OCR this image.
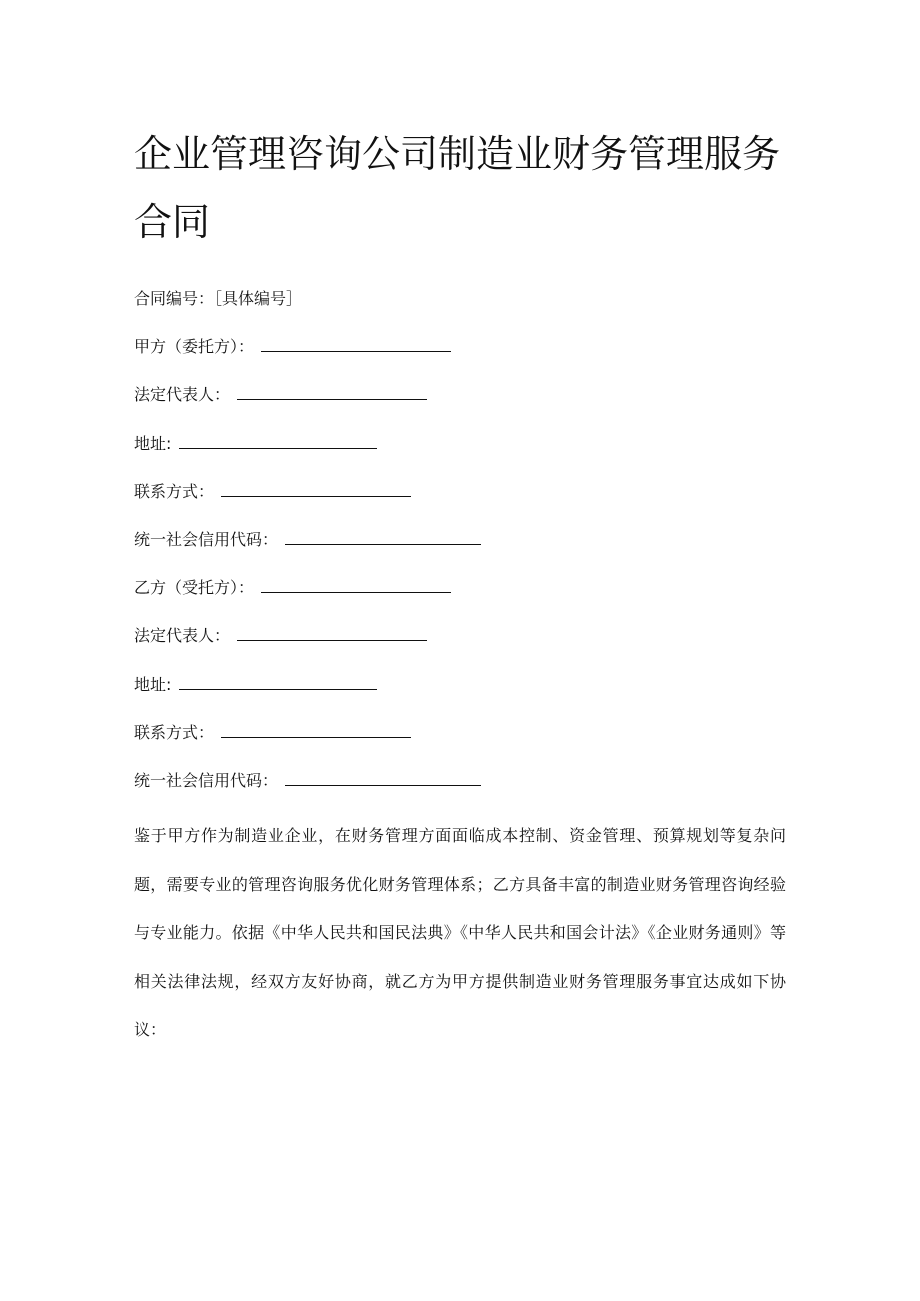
企业管理咨询公司制造业财务管理服务合同
合同编号：［具体编号］
甲方（委托方）：
法定代表人：
地址:
联系方式：
统一社会信用代码：
乙方（受托方）：
法定代表人：
地址:
联系方式：
统一社会信用代码：

鉴于甲方作为制造业企业，在财务管理方面面临成本控制、资金管理、预算规划等复杂问题，需要专业的管理咨询服务优化财务管理体系；乙方具备丰富的制造业财务管理咨询经验与专业能力。依据《中华人民共和国民法典》《中华人民共和国会计法》《企业财务通则》等相关法律法规，经双方友好协商，就乙方为甲方提供制造业财务管理服务事宜达成如下协议：
